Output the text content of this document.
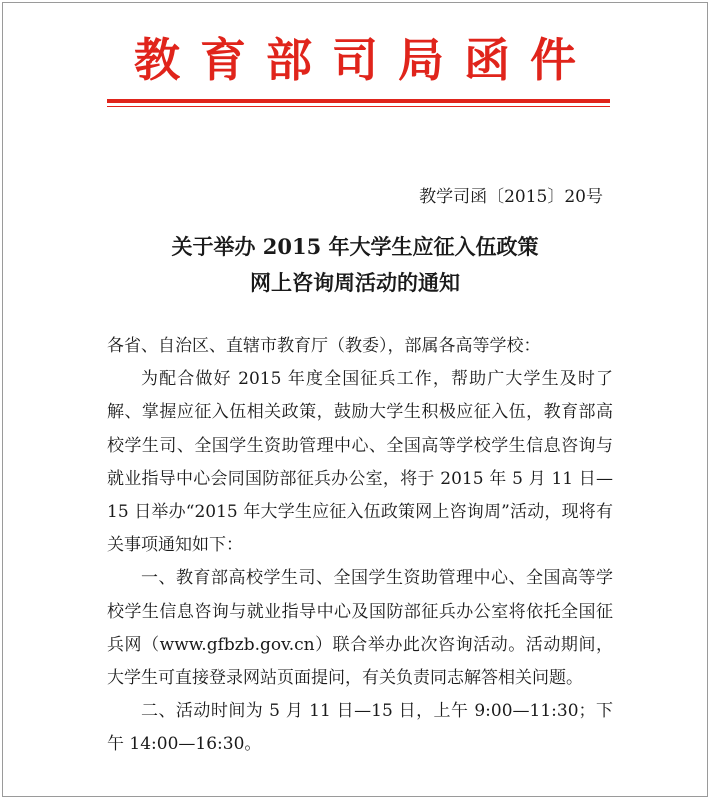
教育部司局函件
教学司函〔2015〕20号
关于举办 2015 年大学生应征入伍政策
网上咨询周活动的通知

各省、自治区、直辖市教育厅（教委），部属各高等学校：

为配合做好 2015 年度全国征兵工作，帮助广大学生及时了解、掌握应征入伍相关政策，鼓励大学生积极应征入伍，教育部高校学生司、全国学生资助管理中心、全国高等学校学生信息咨询与就业指导中心会同国防部征兵办公室，将于 2015 年 5 月 11 日—15 日举办“2015 年大学生应征入伍政策网上咨询周”活动，现将有关事项通知如下：

一、教育部高校学生司、全国学生资助管理中心、全国高等学校学生信息咨询与就业指导中心及国防部征兵办公室将依托全国征兵网（www.gfbzb.gov.cn）联合举办此次咨询活动。活动期间，大学生可直接登录网站页面提问，有关负责同志解答相关问题。

二、活动时间为 5 月 11 日—15 日，上午 9:00—11:30；下午 14:00—16:30。
